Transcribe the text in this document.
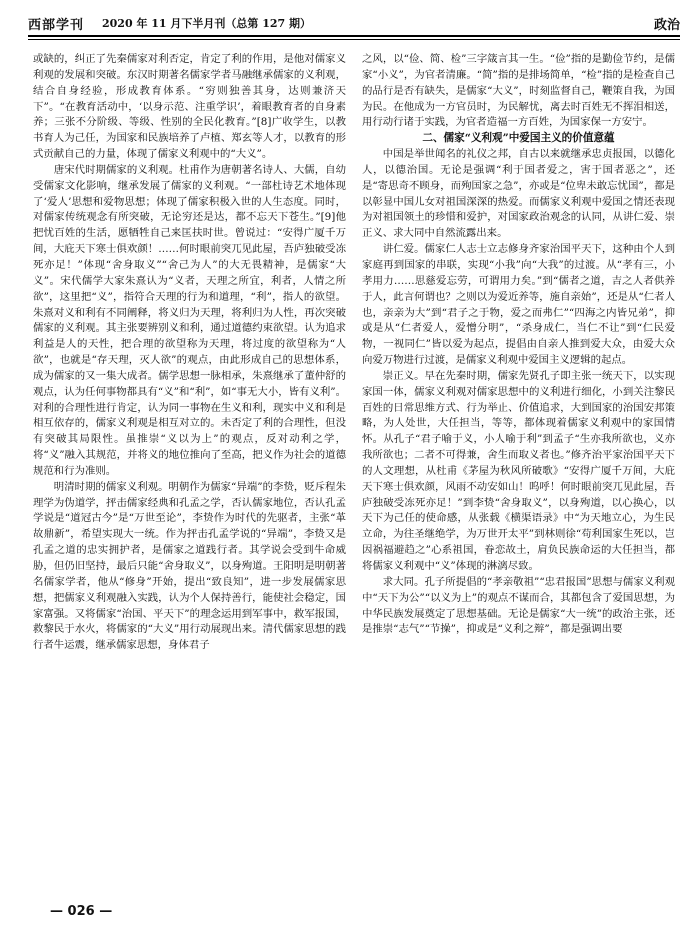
西部学刊 2020 年 11 月下半月刊（总第 127 期）	政治

或缺的，纠正了先秦儒家对利否定，肯定了利的作用，是他对儒家义利观的发展和突破。东汉时期著名儒家学者马融继承儒家的义利观，结合自身经验，形成教育体系。“穷则独善其身，达则兼济天下”。“在教育活动中，‘以身示范、注重学识’，着眼教育者的自身素养；三张不分阶级、等级、性别的全民化教育。”[8]广收学生，以教书育人为己任，为国家和民族培养了卢植、郑玄等人才，以教育的形式贡献自己的力量，体现了儒家义利观中的“大义”。

唐宋代时期儒家的义利观。杜甫作为唐朝著名诗人、大儒，自幼受儒家文化影响，继承发展了儒家的义利观。“一部杜诗艺术地体现了‘爱人’思想和爱物思想；体现了儒家积极入世的人生态度。同时，对儒家传统观念有所突破，无论穷还是达，都不忘天下苍生。”[9]他把忧百姓的生活，愿牺牲自己来匡扶时世。曾说过：“安得广厦千万间，大庇天下寒士俱欢颜！……何时眼前突兀见此屋，吾庐独破受冻死亦足！”体现“舍身取义”“舍己为人”的大无畏精神，是儒家“大义”。宋代儒学大家朱熹认为“义者，天理之所宜，利者，人情之所欲”，这里把“义”，指符合天理的行为和道理，“利”，指人的欲望。朱熹对义和利有不同阐释，将义归为天理，将利归为人性，再次突破儒家的义利观。其主张要辨别义和利，通过道德约束欲望。认为追求利益是人的天性，把合理的欲望称为天理，将过度的欲望称为“人欲”，也就是“存天理，灭人欲”的观点，由此形成自己的思想体系，成为儒家的又一集大成者。儒学思想一脉相承，朱熹继承了董仲舒的观点，认为任何事物都具有“义”和“利”，如“事无大小，皆有义利”。对利的合理性进行肯定，认为同一事物在生义和利，现实中义和利是相互依存的，儒家义利观是相互对立的。未否定了利的合理性，但没有突破其局限性。虽推崇“义以为上”的观点，反对动利之学，将“义”融入其规范，并将义的地位推向了至高，把义作为社会的道德规范和行为准则。

明清时期的儒家义利观。明朝作为儒家“异端”的李贽，贬斥程朱理学为伪道学，抨击儒家经典和孔孟之学，否认儒家地位，否认孔孟学说是“道冠古今”是“万世至论”，李贽作为时代的先驱者，主张“革故鼎新”，希望实现大一统。作为抨击孔孟学说的“异端”，李贽又是孔孟之道的忠实拥护者，是儒家之道践行者。其学说会受到牛命威胁，但仍旧坚持，最后只能“舍身取义”，以身殉道。王阳明是明朝著名儒家学者，他从“修身”开始，提出“致良知”，进一步发展儒家思想，把儒家义利观融入实践，认为个人保持善行，能使社会稳定，国家富强。又将儒家“治国、平天下”的理念运用到军事中，救军报国，救黎民于水火，将儒家的“大义”用行动展现出来。清代儒家思想的践行者牛运震，继承儒家思想，身体君子

之风，以“俭、简、检”三字箴言其一生。“俭”指的是勤俭节约，是儒家“小义”，为官者清廉。“简”指的是排场简单，“检”指的是检查自己的品行是否有缺失，是儒家“大义”，时刻监督自己，鞭策自我，为国为民。在他成为一方官员时，为民解忧，离去时百姓无不挥泪相送，用行动行诸于实践，为官者造福一方百姓，为国家保一方安宁。

二、儒家“义利观”中爱国主义的价值意蕴

中国是举世闻名的礼仪之邦，自古以来就继承忠贞报国，以德化人，以德治国。无论是强调“利于国者爱之，害于国者恶之”，还是“寄思奇不顾身，而殉国家之急”，亦或是“位卑未敢忘忧国”，都是以彰显中国儿女对祖国深深的热爱。而儒家义利观中爱国之情还表现为对祖国领土的珍惜和爱护，对国家政治观念的认同，从讲仁爱、崇正义、求大同中自然流露出来。

讲仁爱。儒家仁人志士立志修身齐家治国平天下，这种由个人到家庭再到国家的串联，实现“小我”向“大我”的过渡。从“孝有三，小孝用力……思慈爱忘劳，可谓用力矣。”到“儒者之道，吉之人者供养于人，此言何谓也？之则以为爱近养等，施自亲始”，还是从“仁者人也，亲亲为大”到“君子之于物，爱之而弗仁”“四海之内皆兄弟”，抑或是从“仁者爱人，爱憎分明”，“杀身成仁，当仁不让”到“仁民爱物，一视同仁”皆以爱为起点，提倡由自亲人推到爱大众，由爱大众向爱万物进行过渡，是儒家义利观中爱国主义逻辑的起点。

崇正义。早在先秦时期，儒家先贤孔子即主张一统天下，以实现家国一体，儒家义利观对儒家思想中的义利进行细化，小到关注黎民百姓的日常思维方式、行为举止、价值追求，大到国家的治国安邦策略，为人处世，大任担当，等等，都体现着儒家义利观中的家国情怀。从孔子“君子喻于义，小人喻于利”到孟子“生亦我所欲也，义亦我所欲也；二者不可得兼，舍生而取义者也。”修齐治平家治国平天下的人文理想，从杜甫《茅屋为秋风所破歌》“安得广厦千万间，大庇天下寒士俱欢颜，风雨不动安如山！呜呼！何时眼前突兀见此屋，吾庐独破受冻死亦足！”到李贽“舍身取义”，以身殉道，以心换心，以天下为己任的使命感，从张载《横渠语录》中“为天地立心，为生民立命，为往圣继绝学，为万世开太平”到林则徐“苟利国家生死以，岂因祸福避趋之”心系祖国，眷恋故土，肩负民族命运的大任担当，都将儒家义利观中“义”体现的淋漓尽致。

求大同。孔子所提倡的“孝亲敬祖”“忠君报国”思想与儒家义利观中“天下为公”“以义为上”的观点不谋而合，其都包含了爱国思想，为中华民族发展奠定了思想基础。无论是儒家“大一统”的政治主张，还是推崇“志气”“节操”，抑或是“义利之辩”，都是强调出要

— 026 —
